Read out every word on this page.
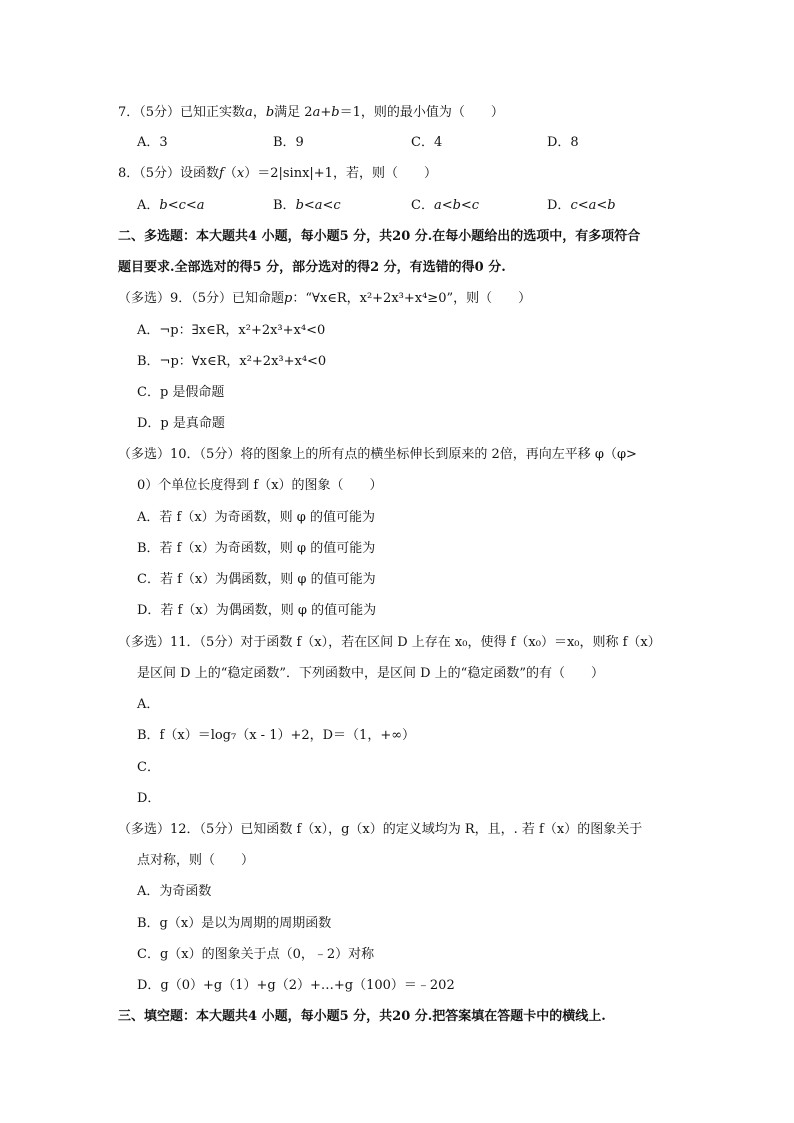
7．（5分）已知正实数a，b满足 2a+b＝1，则的最小值为（　　）
A．3	B．9	C．4	D．8
8．（5分）设函数f（x）＝2|sinx|+1，若，则（　　）
A．b<c<a	B．b<a<c	C．a<b<c	D．c<a<b
二、多选题：本大题共4 小题，每小题5 分，共20 分.在每小题给出的选项中，有多项符合
题目要求.全部选对的得5 分，部分选对的得2 分，有选错的得0 分.
（多选）9．（5分）已知命题p：“∀x∈R，x²+2x³+x⁴≥0”，则（　　）
A．¬p：∃x∈R，x²+2x³+x⁴<0
B．¬p：∀x∈R，x²+2x³+x⁴<0
C．p 是假命题
D．p 是真命题
（多选）10．（5分）将的图象上的所有点的横坐标伸长到原来的 2倍，再向左平移 φ（φ>
0）个单位长度得到 f（x）的图象（　　）
A．若 f（x）为奇函数，则 φ 的值可能为
B．若 f（x）为奇函数，则 φ 的值可能为
C．若 f（x）为偶函数，则 φ 的值可能为
D．若 f（x）为偶函数，则 φ 的值可能为
（多选）11．（5分）对于函数 f（x），若在区间 D 上存在 x₀，使得 f（x₀）＝x₀，则称 f（x）
是区间 D 上的“稳定函数”．下列函数中，是区间 D 上的“稳定函数”的有（　　）
A．
B．f（x）＝log₇（x - 1）+2，D＝（1，+∞）
C．
D．
（多选）12．（5分）已知函数 f（x），g（x）的定义域均为 R，且，. 若 f（x）的图象关于
点对称，则（　　）
A．为奇函数
B．g（x）是以为周期的周期函数
C．g（x）的图象关于点（0，﹣2）对称
D．g（0）+g（1）+g（2）+…+g（100）＝﹣202
三、填空题：本大题共4 小题，每小题5 分，共20 分.把答案填在答题卡中的横线上.
